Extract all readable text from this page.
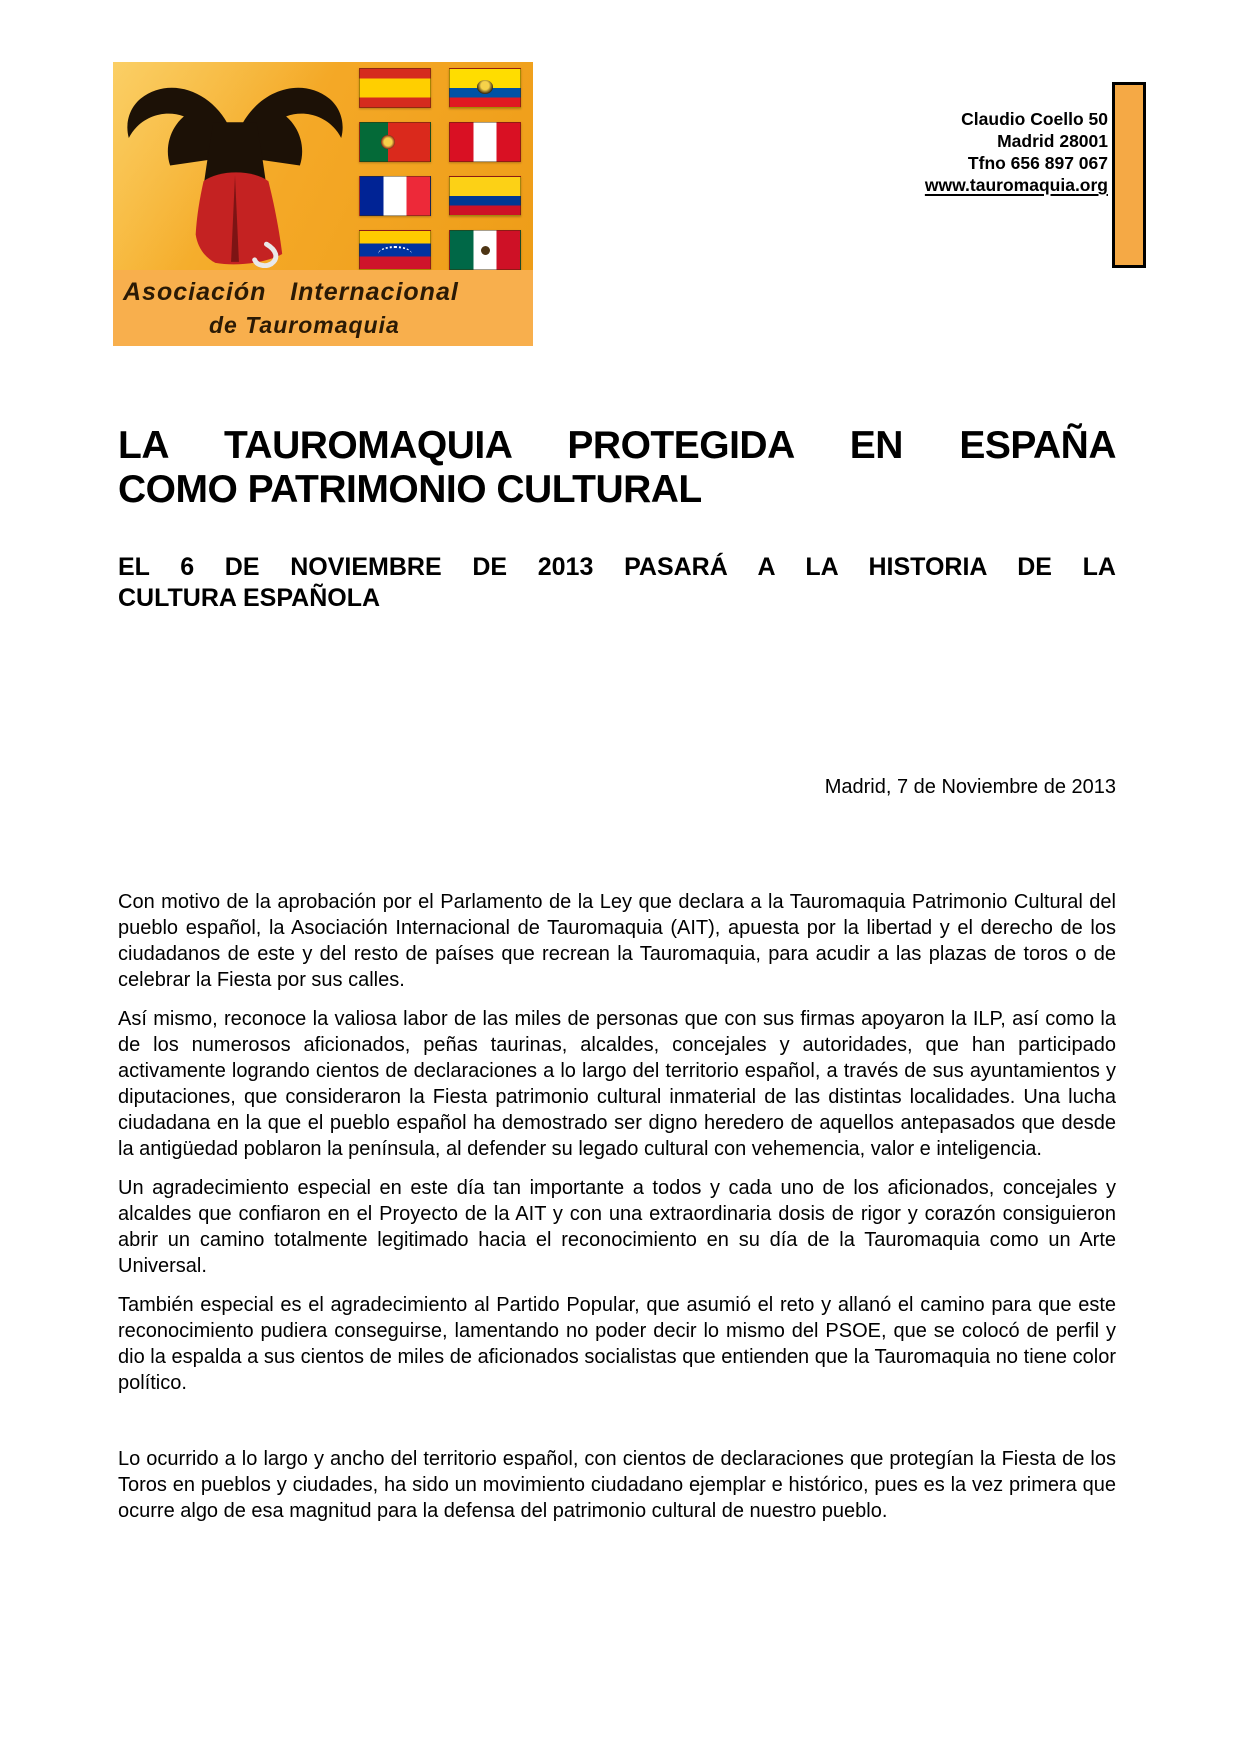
Asociación   Internacional
de Tauromaquia
Claudio Coello 50
Madrid 28001
Tfno 656 897 067
www.tauromaquia.org
LA TAUROMAQUIA PROTEGIDA EN ESPAÑA
COMO PATRIMONIO CULTURAL
EL 6 DE NOVIEMBRE DE 2013 PASARÁ A LA HISTORIA DE LA
CULTURA ESPAÑOLA
Madrid, 7 de Noviembre de 2013

Con motivo de la aprobación por el Parlamento de la Ley que declara a la Tauromaquia Patrimonio Cultural del pueblo español, la Asociación Internacional de Tauromaquia (AIT), apuesta por la libertad y el derecho de los ciudadanos de este y del resto de países que recrean la Tauromaquia, para acudir a las plazas de toros o de celebrar la Fiesta por sus calles.

Así mismo, reconoce la valiosa labor de las miles de personas que con sus firmas apoyaron la ILP, así como la de los numerosos aficionados, peñas taurinas, alcaldes, concejales y autoridades, que han participado activamente logrando cientos de declaraciones a lo largo del territorio español, a través de sus ayuntamientos y diputaciones, que consideraron la Fiesta patrimonio cultural inmaterial de las distintas localidades. Una lucha ciudadana en la que el pueblo español ha demostrado ser digno heredero de aquellos antepasados que desde la antigüedad poblaron la península, al defender su legado cultural con vehemencia, valor e inteligencia.

Un agradecimiento especial en este día tan importante a todos y cada uno de los aficionados, concejales y alcaldes que confiaron en el Proyecto de la AIT y con una extraordinaria dosis de rigor y corazón consiguieron abrir un camino totalmente legitimado hacia el reconocimiento en su día de la Tauromaquia como un Arte Universal.

También especial es el agradecimiento al Partido Popular, que asumió el reto y allanó el camino para que este reconocimiento pudiera conseguirse, lamentando no poder decir lo mismo del PSOE, que se colocó de perfil y dio la espalda a sus cientos de miles de aficionados socialistas que entienden que la Tauromaquia no tiene color político.

Lo ocurrido a lo largo y ancho del territorio español, con cientos de declaraciones que protegían la Fiesta de los Toros en pueblos y ciudades, ha sido un movimiento ciudadano ejemplar e histórico, pues es la vez primera que ocurre algo de esa magnitud para la defensa del patrimonio cultural de nuestro pueblo.
